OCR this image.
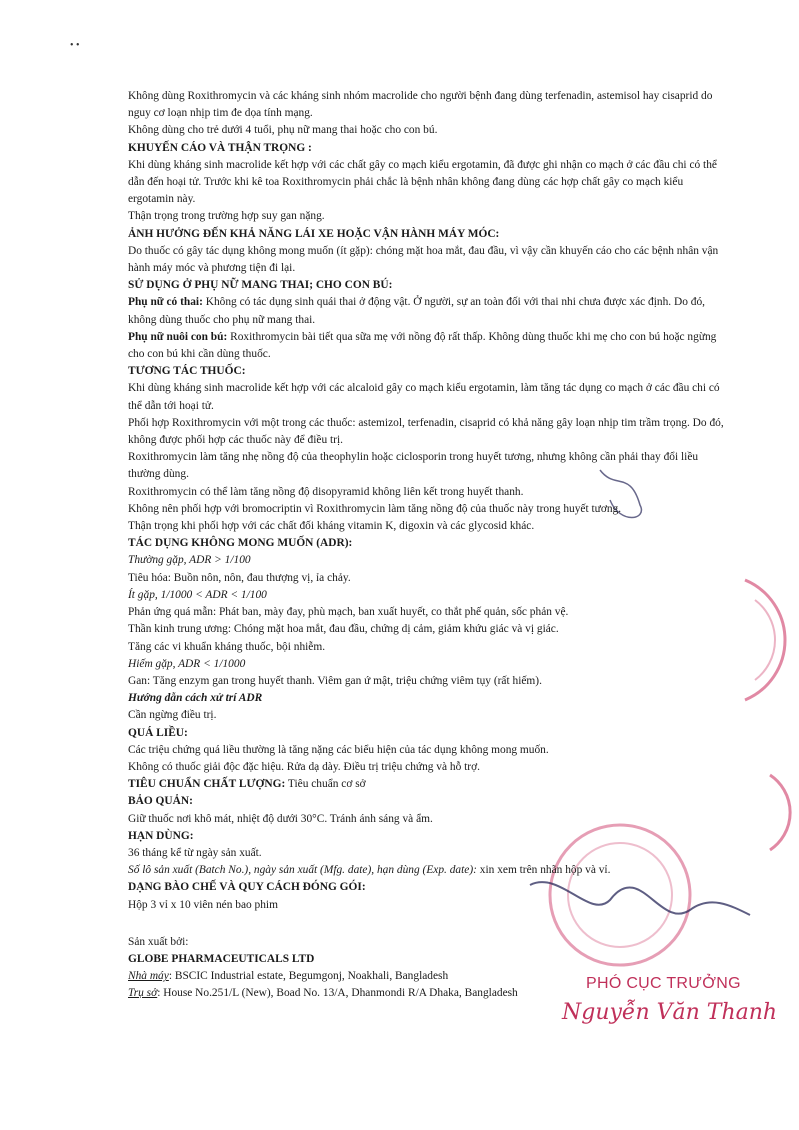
• •

Không dùng Roxithromycin và các kháng sinh nhóm macrolide cho người bệnh đang dùng terfenadin, astemisol hay cisaprid do nguy cơ loạn nhịp tim đe dọa tính mạng.

Không dùng cho trẻ dưới 4 tuổi, phụ nữ mang thai hoặc cho con bú.

KHUYẾN CÁO VÀ THẬN TRỌNG :

Khi dùng kháng sinh macrolide kết hợp với các chất gây co mạch kiểu ergotamin, đã được ghi nhận co mạch ở các đầu chi có thể dẫn đến hoại tử. Trước khi kê toa Roxithromycin phải chắc là bệnh nhân không đang dùng các hợp chất gây co mạch kiểu ergotamin này.

Thận trọng trong trường hợp suy gan nặng.

ẢNH HƯỞNG ĐẾN KHẢ NĂNG LÁI XE HOẶC VẬN HÀNH MÁY MÓC:

Do thuốc có gây tác dụng không mong muốn (ít gặp): chóng mặt hoa mắt, đau đầu, vì vậy cần khuyến cáo cho các bệnh nhân vận hành máy móc và phương tiện đi lại.

SỬ DỤNG Ở PHỤ NỮ MANG THAI; CHO CON BÚ:

Phụ nữ có thai: Không có tác dụng sinh quái thai ở động vật. Ở người, sự an toàn đối với thai nhi chưa được xác định. Do đó, không dùng thuốc cho phụ nữ mang thai.

Phụ nữ nuôi con bú: Roxithromycin bài tiết qua sữa mẹ với nồng độ rất thấp. Không dùng thuốc khi mẹ cho con bú hoặc ngừng cho con bú khi cần dùng thuốc.

TƯƠNG TÁC THUỐC:

Khi dùng kháng sinh macrolide kết hợp với các alcaloid gây co mạch kiểu ergotamin, làm tăng tác dụng co mạch ở các đầu chi có thể dẫn tới hoại tử.

Phối hợp Roxithromycin với một trong các thuốc: astemizol, terfenadin, cisaprid có khả năng gây loạn nhịp tim trầm trọng. Do đó, không được phối hợp các thuốc này để điều trị.

Roxithromycin làm tăng nhẹ nồng độ của theophylin hoặc ciclosporin trong huyết tương, nhưng không cần phải thay đổi liều thường dùng.

Roxithromycin có thể làm tăng nồng độ disopyramid không liên kết trong huyết thanh.

Không nên phối hợp với bromocriptin vì Roxithromycin làm tăng nồng độ của thuốc này trong huyết tương.

Thận trọng khi phối hợp với các chất đối kháng vitamin K, digoxin và các glycosid khác.

TÁC DỤNG KHÔNG MONG MUỐN (ADR):

Thường gặp, ADR > 1/100

Tiêu hóa: Buồn nôn, nôn, đau thượng vị, ỉa chảy.

Ít gặp, 1/1000 < ADR < 1/100

Phản ứng quá mẫn: Phát ban, mày đay, phù mạch, ban xuất huyết, co thắt phế quản, sốc phản vệ.

Thần kinh trung ương: Chóng mặt hoa mắt, đau đầu, chứng dị cảm, giảm khứu giác và vị giác.

Tăng các vi khuẩn kháng thuốc, bội nhiễm.

Hiếm gặp, ADR < 1/1000

Gan: Tăng enzym gan trong huyết thanh. Viêm gan ứ mật, triệu chứng viêm tụy (rất hiếm).

Hướng dẫn cách xử trí ADR

Cần ngừng điều trị.

QUÁ LIỀU:

Các triệu chứng quá liều thường là tăng nặng các biểu hiện của tác dụng không mong muốn.

Không có thuốc giải độc đặc hiệu. Rửa dạ dày. Điều trị triệu chứng và hỗ trợ.

TIÊU CHUẨN CHẤT LƯỢNG: Tiêu chuẩn cơ sở

BẢO QUẢN:

Giữ thuốc nơi khô mát, nhiệt độ dưới 30°C. Tránh ánh sáng và ẩm.

HẠN DÙNG:

36 tháng kể từ ngày sản xuất.

Số lô sản xuất (Batch No.), ngày sản xuất (Mfg. date), hạn dùng (Exp. date): xin xem trên nhãn hộp và vỉ.

DẠNG BÀO CHẾ VÀ QUY CÁCH ĐÓNG GÓI:

Hộp 3 vỉ x 10 viên nén bao phim

Sản xuất bởi:

GLOBE PHARMACEUTICALS LTD

Nhà máy: BSCIC Industrial estate, Begumgonj, Noakhali, Bangladesh

Trụ sở: House No.251/L (New), Boad No. 13/A, Dhanmondi R/A Dhaka, Bangladesh

PHÓ CỤC TRƯỞNG
Nguyễn Văn Thanh
